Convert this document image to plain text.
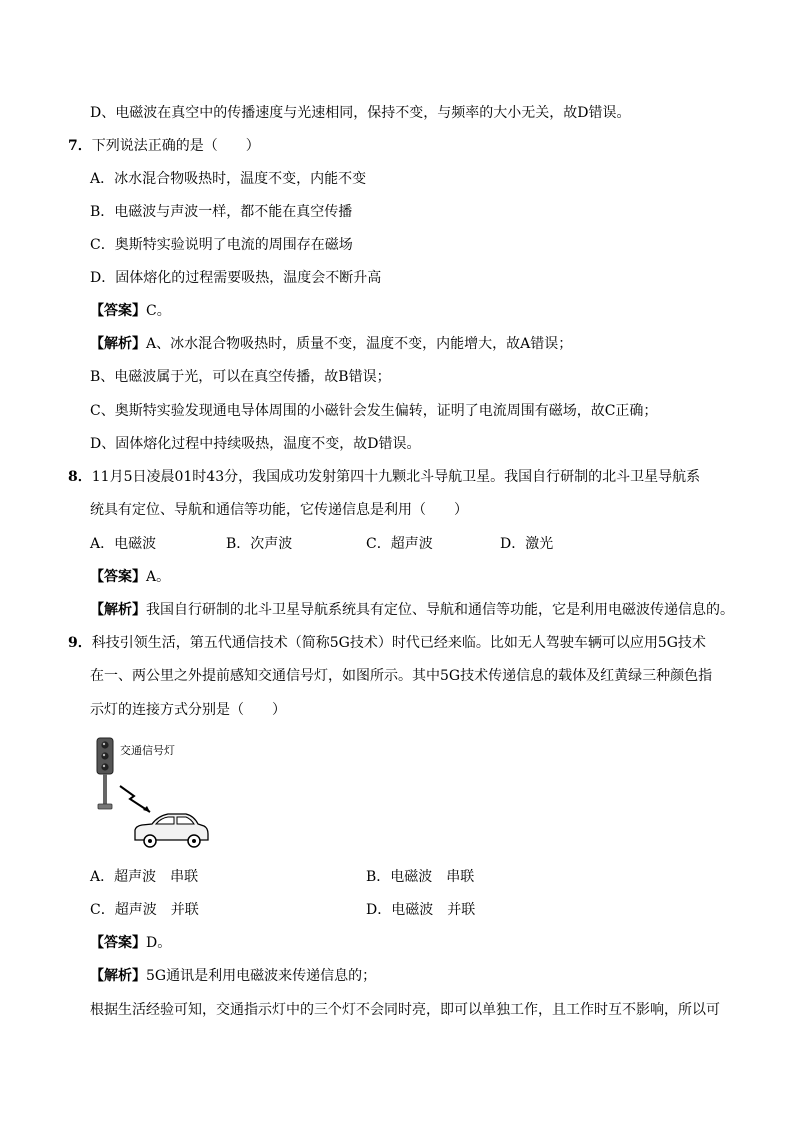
D、电磁波在真空中的传播速度与光速相同，保持不变，与频率的大小无关，故D错误。
7．下列说法正确的是（　　）
A．冰水混合物吸热时，温度不变，内能不变
B．电磁波与声波一样，都不能在真空传播
C．奥斯特实验说明了电流的周围存在磁场
D．固体熔化的过程需要吸热，温度会不断升高
【答案】C。
【解析】A、冰水混合物吸热时，质量不变，温度不变，内能增大，故A错误；
B、电磁波属于光，可以在真空传播，故B错误；
C、奥斯特实验发现通电导体周围的小磁针会发生偏转，证明了电流周围有磁场，故C正确；
D、固体熔化过程中持续吸热，温度不变，故D错误。
8．11月5日凌晨01时43分，我国成功发射第四十九颗北斗导航卫星。我国自行研制的北斗卫星导航系
统具有定位、导航和通信等功能，它传递信息是利用（　　）
A．电磁波	B．次声波	C．超声波	D．激光
【答案】A。
【解析】我国自行研制的北斗卫星导航系统具有定位、导航和通信等功能，它是利用电磁波传递信息的。
9．科技引领生活，第五代通信技术（简称5G技术）时代已经来临。比如无人驾驶车辆可以应用5G技术
在一、两公里之外提前感知交通信号灯，如图所示。其中5G技术传递信息的载体及红黄绿三种颜色指
示灯的连接方式分别是（　　）
交通信号灯
A．超声波　串联	B．电磁波　串联
C．超声波　并联	D．电磁波　并联
【答案】D。
【解析】5G通讯是利用电磁波来传递信息的；
根据生活经验可知，交通指示灯中的三个灯不会同时亮，即可以单独工作，且工作时互不影响，所以可
